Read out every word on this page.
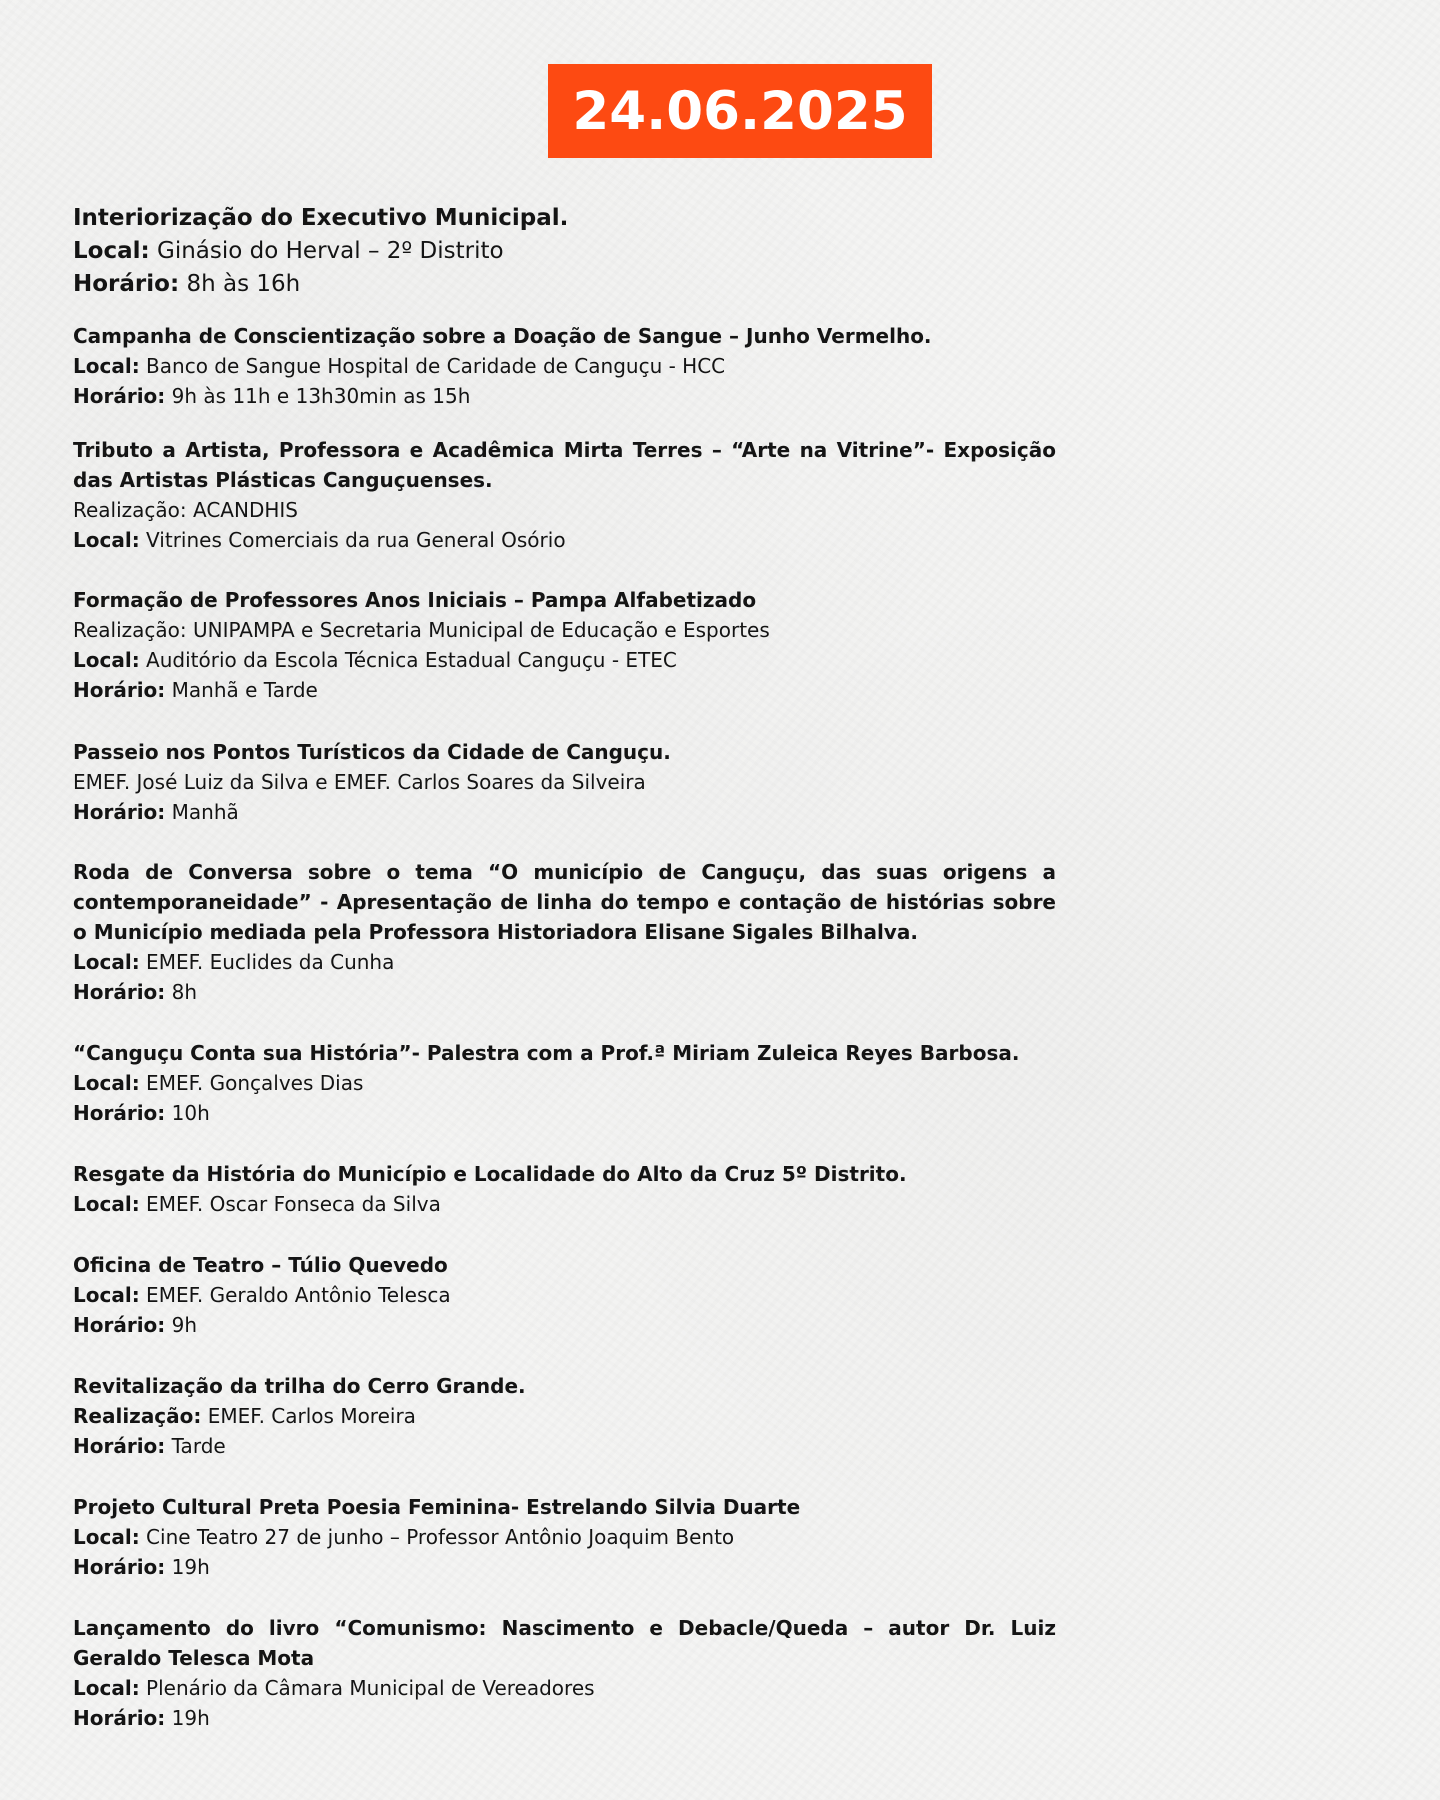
24.06.2025
Interiorização do Executivo Municipal.
Local: Ginásio do Herval – 2º Distrito
Horário: 8h às 16h
Campanha de Conscientização sobre a Doação de Sangue – Junho Vermelho.
Local: Banco de Sangue Hospital de Caridade de Canguçu - HCC
Horário: 9h às 11h e 13h30min as 15h
Tributo a Artista, Professora e Acadêmica Mirta Terres – “Arte na Vitrine”- Exposição das Artistas Plásticas Canguçuenses.
Realização: ACANDHIS
Local: Vitrines Comerciais da rua General Osório
Formação de Professores Anos Iniciais – Pampa Alfabetizado
Realização: UNIPAMPA e Secretaria Municipal de Educação e Esportes
Local: Auditório da Escola Técnica Estadual Canguçu - ETEC
Horário: Manhã e Tarde
Passeio nos Pontos Turísticos da Cidade de Canguçu.
EMEF. José Luiz da Silva e EMEF. Carlos Soares da Silveira
Horário: Manhã
Roda de Conversa sobre o tema “O município de Canguçu, das suas origens a contemporaneidade” - Apresentação de linha do tempo e contação de histórias sobre o Município mediada pela Professora Historiadora Elisane Sigales Bilhalva.
Local: EMEF. Euclides da Cunha
Horário: 8h
“Canguçu Conta sua História”- Palestra com a Prof.ª Miriam Zuleica Reyes Barbosa.
Local: EMEF. Gonçalves Dias
Horário: 10h
Resgate da História do Município e Localidade do Alto da Cruz 5º Distrito.
Local: EMEF. Oscar Fonseca da Silva
Oficina de Teatro – Túlio Quevedo
Local: EMEF. Geraldo Antônio Telesca
Horário: 9h
Revitalização da trilha do Cerro Grande.
Realização: EMEF. Carlos Moreira
Horário: Tarde
Projeto Cultural Preta Poesia Feminina- Estrelando Silvia Duarte
Local: Cine Teatro 27 de junho – Professor Antônio Joaquim Bento
Horário: 19h
Lançamento do livro “Comunismo: Nascimento e Debacle/Queda – autor Dr. Luiz Geraldo Telesca Mota
Local: Plenário da Câmara Municipal de Vereadores
Horário: 19h
